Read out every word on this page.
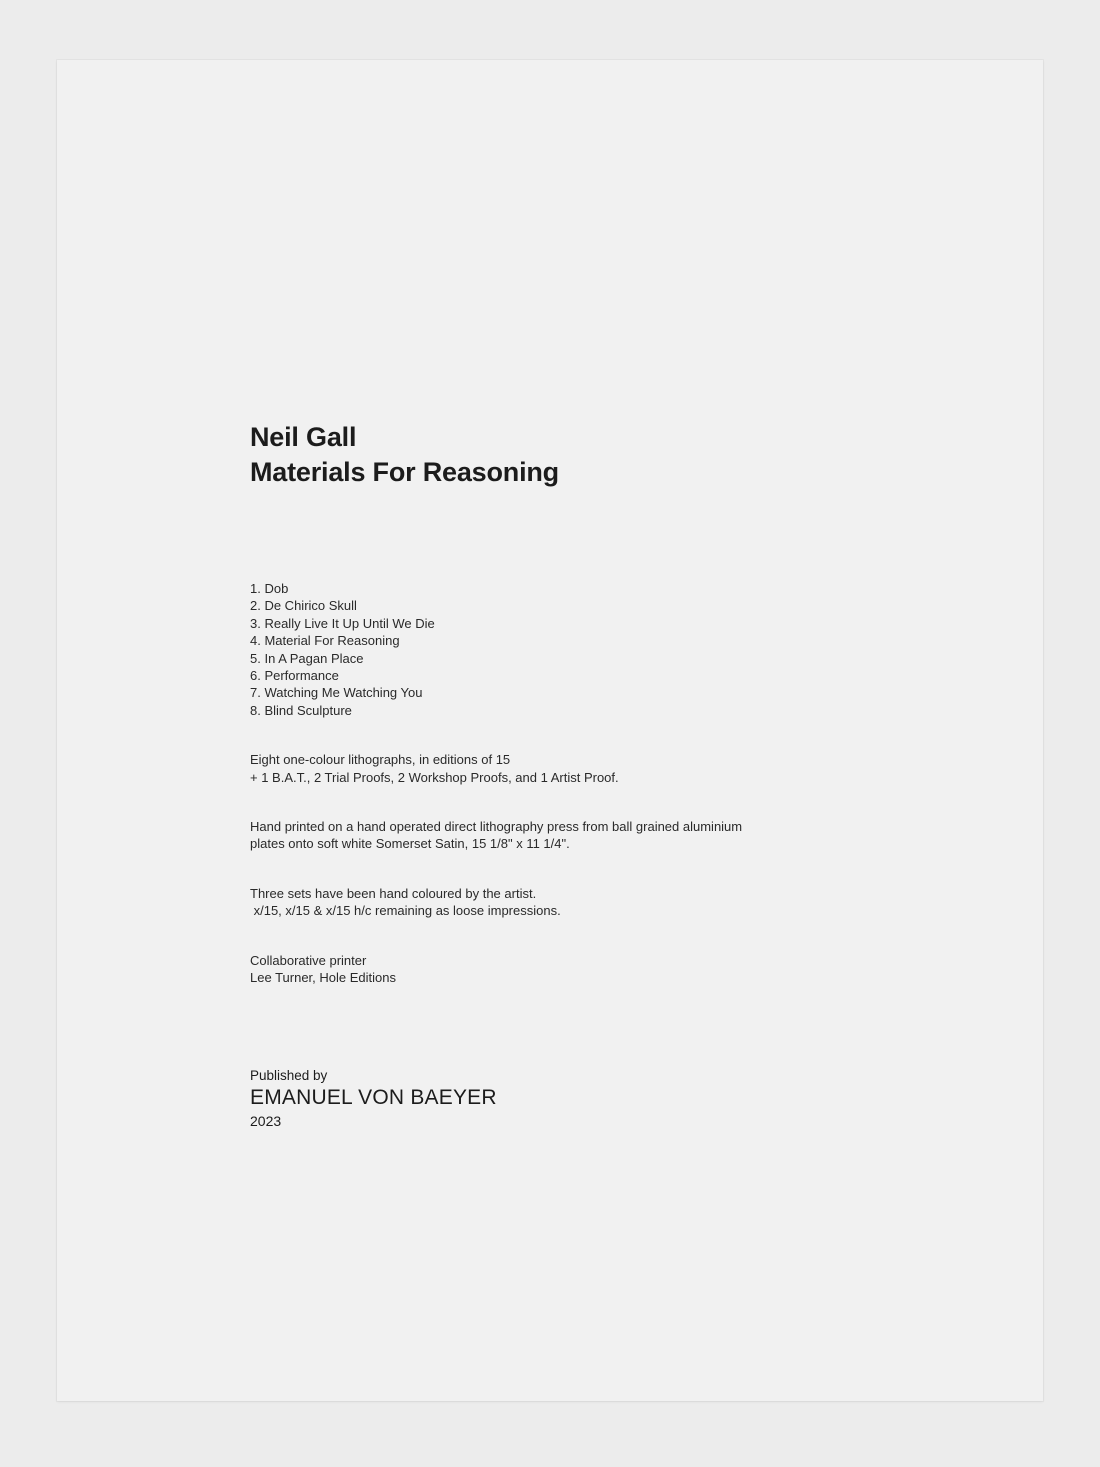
Neil Gall
Materials For Reasoning
1. Dob
2. De Chirico Skull
3. Really Live It Up Until We Die
4. Material For Reasoning
5. In A Pagan Place
6. Performance
7. Watching Me Watching You
8. Blind Sculpture

Eight one-colour lithographs, in editions of 15
+ 1 B.A.T., 2 Trial Proofs, 2 Workshop Proofs, and 1 Artist Proof.

Hand printed on a hand operated direct lithography press from ball grained aluminium
plates onto soft white Somerset Satin, 15 1/8" x 11 1/4".

Three sets have been hand coloured by the artist.
x/15, x/15 & x/15 h/c remaining as loose impressions.

Collaborative printer
Lee Turner, Hole Editions

Published by
EMANUEL VON BAEYER
2023
